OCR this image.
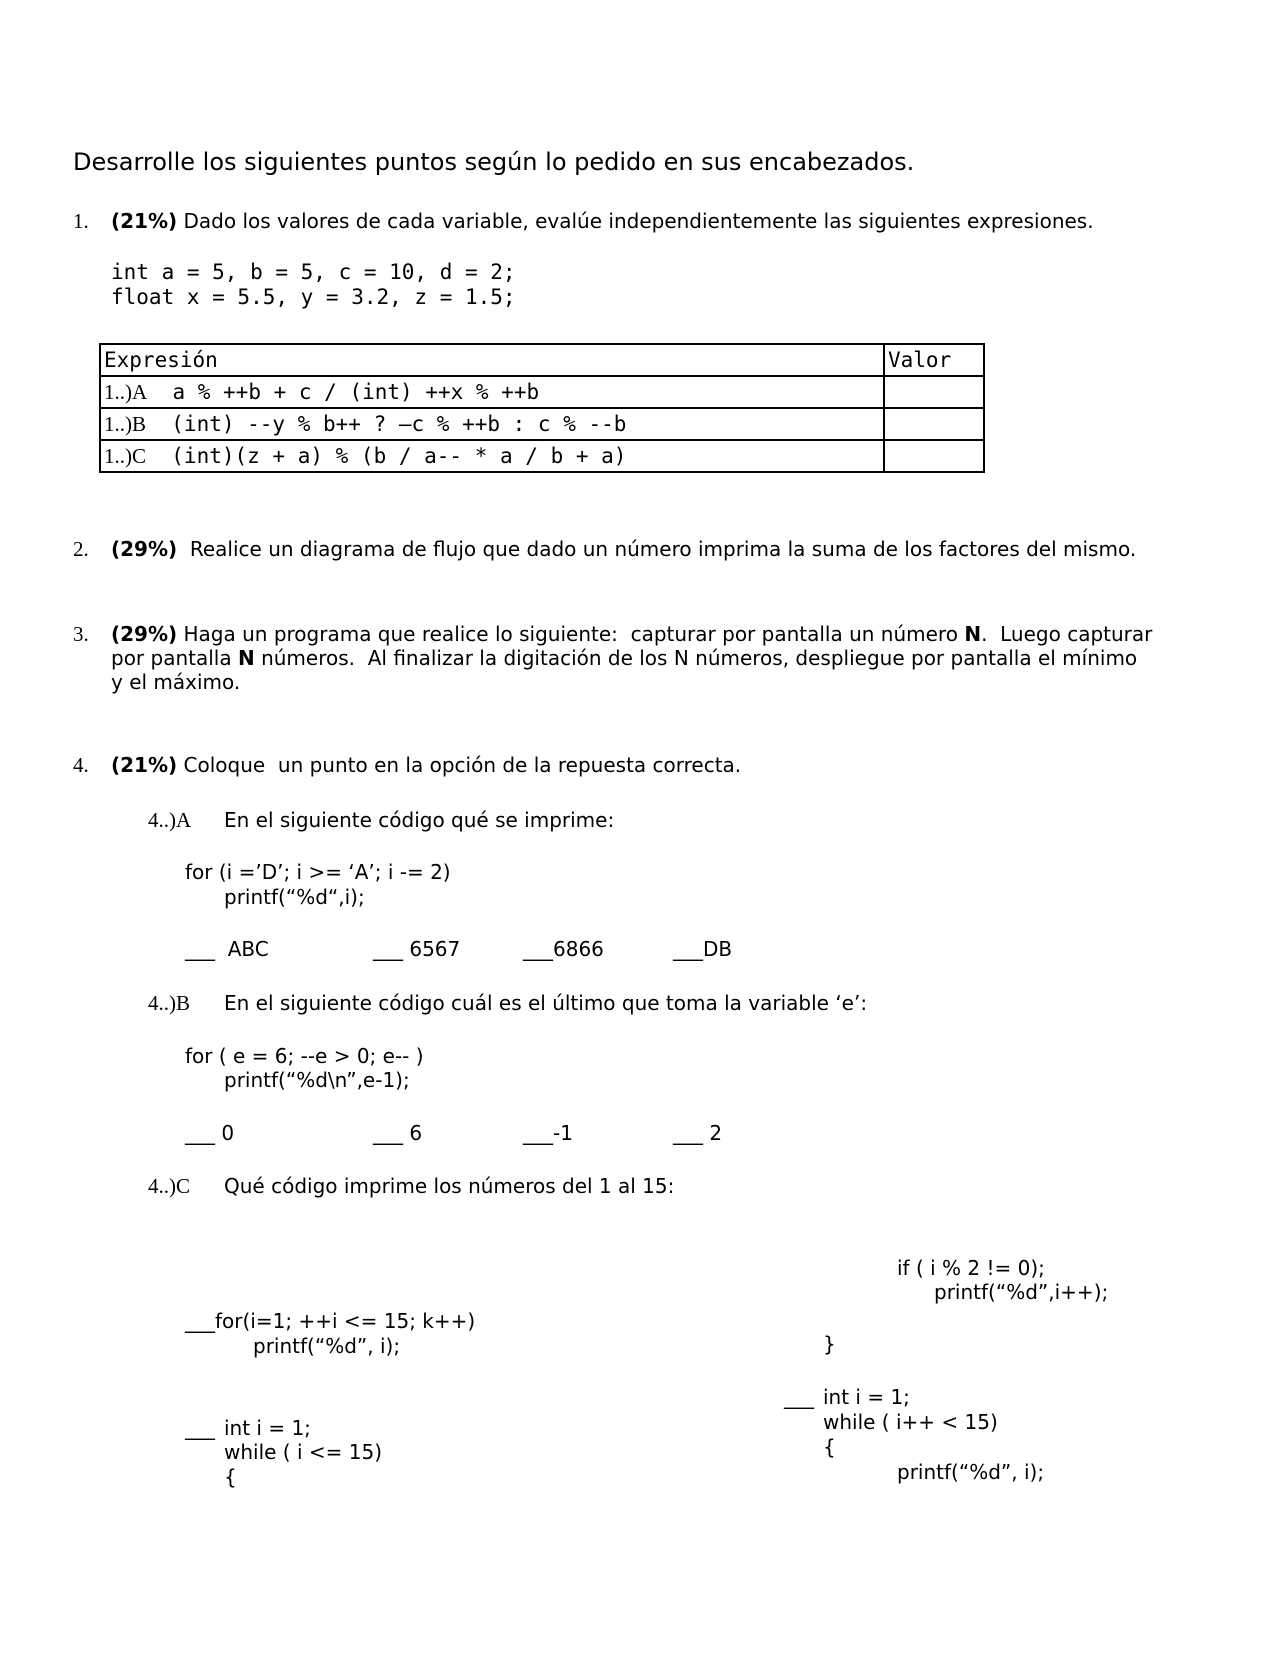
Desarrolle los siguientes puntos según lo pedido en sus encabezados.
1. (21%) Dado los valores de cada variable, evalúe independientemente las siguientes expresiones.
int a = 5, b = 5, c = 10, d = 2;
float x = 5.5, y = 3.2, z = 1.5;
Expresión	Valor
1..)A  a % ++b + c / (int) ++x % ++b	
1..)B  (int) --y % b++ ? –c % ++b : c % --b	
1..)C  (int)(z + a) % (b / a-- * a / b + a)	
2. (29%)  Realice un diagrama de flujo que dado un número imprima la suma de los factores del mismo.
3. (29%) Haga un programa que realice lo siguiente:  capturar por pantalla un número N.  Luego capturar
por pantalla N números.  Al finalizar la digitación de los N números, despliegue por pantalla el mínimo
y el máximo.
4. (21%) Coloque  un punto en la opción de la repuesta correcta.
4..)A En el siguiente código qué se imprime:
for (i =’D’; i >= ‘A’; i -= 2)
printf(“%d“,i);
___  ABC	___ 6567	___6866	___DB
4..)B En el siguiente código cuál es el último que toma la variable ‘e’:
for ( e = 6; --e > 0; e-- )
printf(“%d\n”,e-1);
___ 0	___ 6	___-1	___ 2
4..)C Qué código imprime los números del 1 al 15:
if ( i % 2 != 0);
printf(“%d”,i++);
}
___for(i=1; ++i <= 15; k++)
printf(“%d”, i);
___ int i = 1;
while ( i++ < 15)
{
printf(“%d”, i);
___ int i = 1;
while ( i <= 15)
{
